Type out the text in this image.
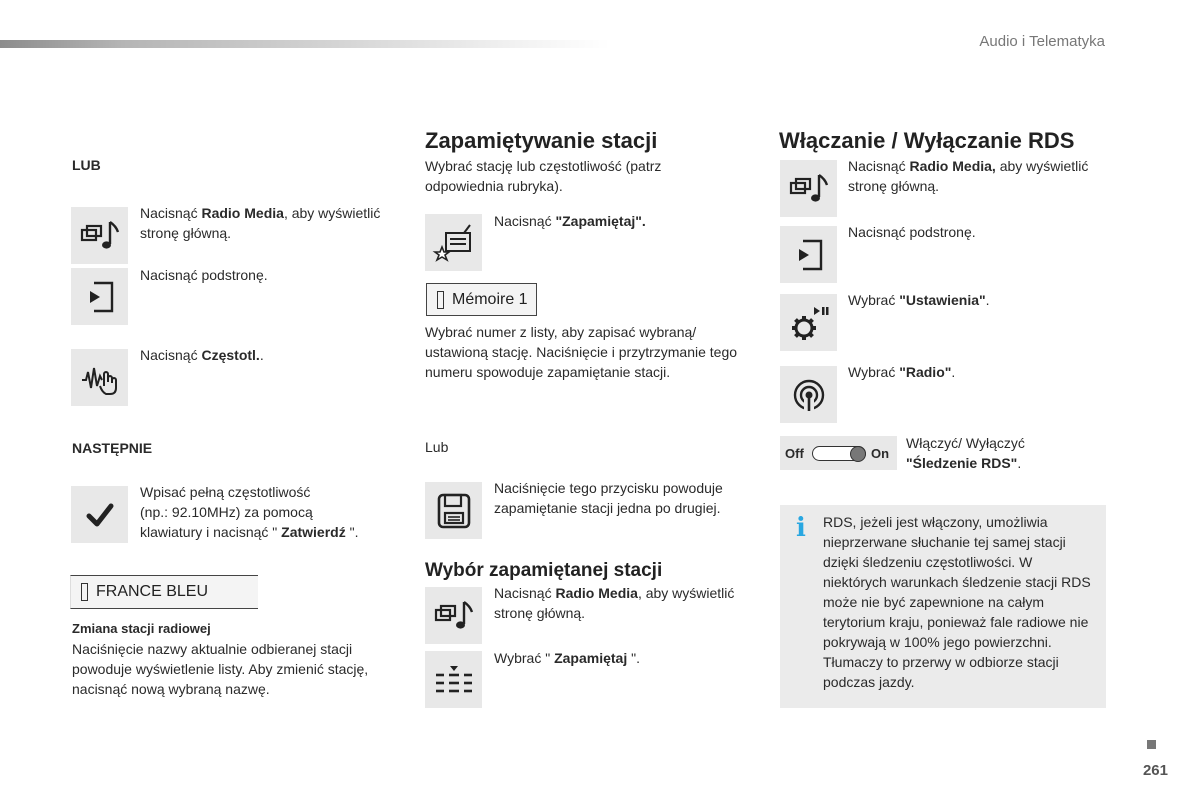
Audio i Telematyka
LUB
Nacisnąć Radio Media, aby wyświetlić stronę główną.
Nacisnąć podstronę.
Nacisnąć Częstotl..
NASTĘPNIE
Wpisać pełną częstotliwość
(np.: 92.10MHz) za pomocą
klawiatury i nacisnąć " Zatwierdź ".
FRANCE BLEU
Zmiana stacji radiowej
Naciśnięcie nazwy aktualnie odbieranej stacji powoduje wyświetlenie listy. Aby zmienić stację, nacisnąć nową wybraną nazwę.
Zapamiętywanie stacji
Wybrać stację lub częstotliwość (patrz odpowiednia rubryka).
Nacisnąć "Zapamiętaj".
Mémoire 1
Wybrać numer z listy, aby zapisać wybraną/ ustawioną stację. Naciśnięcie i przytrzymanie tego numeru spowoduje zapamiętanie stacji.
Lub
Naciśnięcie tego przycisku powoduje zapamiętanie stacji jedna po drugiej.
Wybór zapamiętanej stacji
Nacisnąć Radio Media, aby wyświetlić stronę główną.
Wybrać " Zapamiętaj ".
Włączanie / Wyłączanie RDS
Nacisnąć Radio Media, aby wyświetlić stronę główną.
Nacisnąć podstronę.
Wybrać "Ustawienia".
Wybrać "Radio".
Off	On
Włączyć/ Wyłączyć
"Śledzenie RDS".
i RDS, jeżeli jest włączony, umożliwia nieprzerwane słuchanie tej samej stacji dzięki śledzeniu częstotliwości. W niektórych warunkach śledzenie stacji RDS może nie być zapewnione na całym terytorium kraju, ponieważ fale radiowe nie pokrywają w 100% jego powierzchni. Tłumaczy to przerwy w odbiorze stacji podczas jazdy.
261
